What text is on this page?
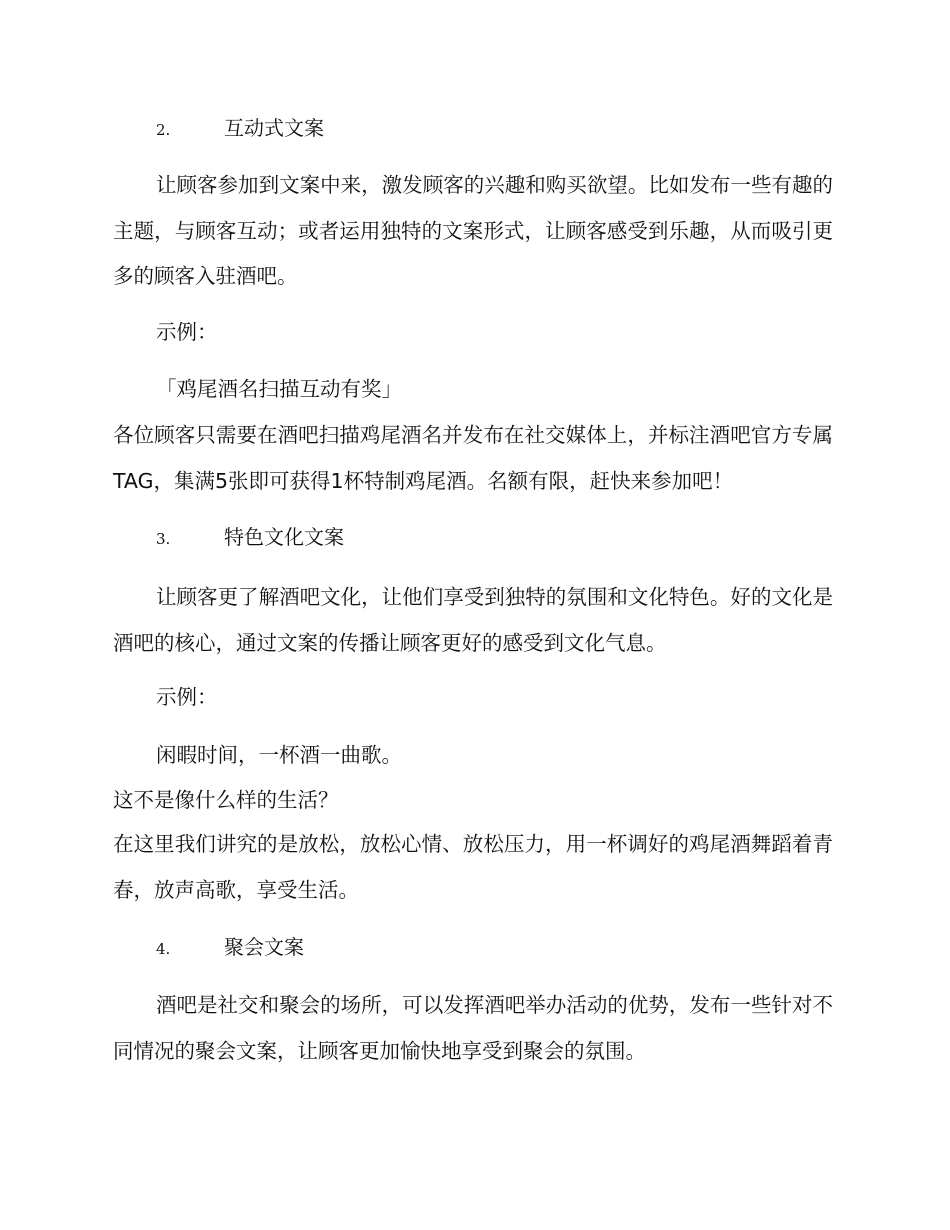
2.	互动式文案
让顾客参加到文案中来，激发顾客的兴趣和购买欲望。比如发布一些有趣的主题，与顾客互动；或者运用独特的文案形式，让顾客感受到乐趣，从而吸引更多的顾客入驻酒吧。
示例：
「鸡尾酒名扫描互动有奖」
各位顾客只需要在酒吧扫描鸡尾酒名并发布在社交媒体上，并标注酒吧官方专属TAG，集满5张即可获得1杯特制鸡尾酒。名额有限，赶快来参加吧！
3.	特色文化文案
让顾客更了解酒吧文化，让他们享受到独特的氛围和文化特色。好的文化是酒吧的核心，通过文案的传播让顾客更好的感受到文化气息。
示例：
闲暇时间，一杯酒一曲歌。
这不是像什么样的生活？
在这里我们讲究的是放松，放松心情、放松压力，用一杯调好的鸡尾酒舞蹈着青春，放声高歌，享受生活。
4.	聚会文案
酒吧是社交和聚会的场所，可以发挥酒吧举办活动的优势，发布一些针对不同情况的聚会文案，让顾客更加愉快地享受到聚会的氛围。
